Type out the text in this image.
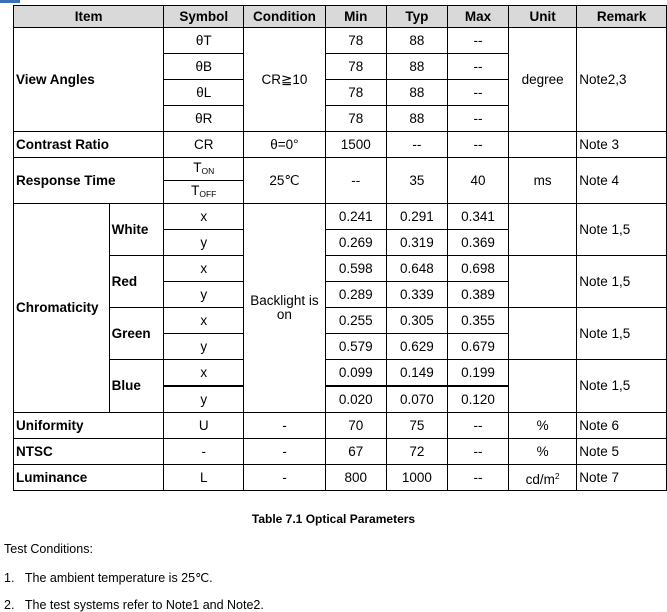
Item		Symbol	Condition	Min	Typ	Max	Unit	Remark
View Angles		θT	CR≧10	78	88	--	degree	Note2,3
		θB		78	88	--		
		θL		78	88	--		
		θR		78	88	--		
Contrast Ratio		CR	θ=0°	1500	--	--		Note 3
Response Time		$T_{ON}$	25℃	--	35	40	ms	Note 4
		$T_{OFF}$
Chromaticity	White	x	Backlight is on	0.241	0.291	0.341		Note 1,5
		y		0.269	0.319	0.369		
	Red	x		0.598	0.648	0.698		Note 1,5
		y		0.289	0.339	0.389		
	Green	x		0.255	0.305	0.355		Note 1,5
		y		0.579	0.629	0.679		
	Blue	x		0.099	0.149	0.199		Note 1,5
		y		0.020	0.070	0.120		
Uniformity		U	-	70	75	--	%	Note 6
NTSC		-	-	67	72	--	%	Note 5
Luminance		L	-	800	1000	--	$cd/m^2$	Note 7
Table 7.1 Optical Parameters
Test Conditions:
1. The ambient temperature is 25℃.
2. The test systems refer to Note1 and Note2.
